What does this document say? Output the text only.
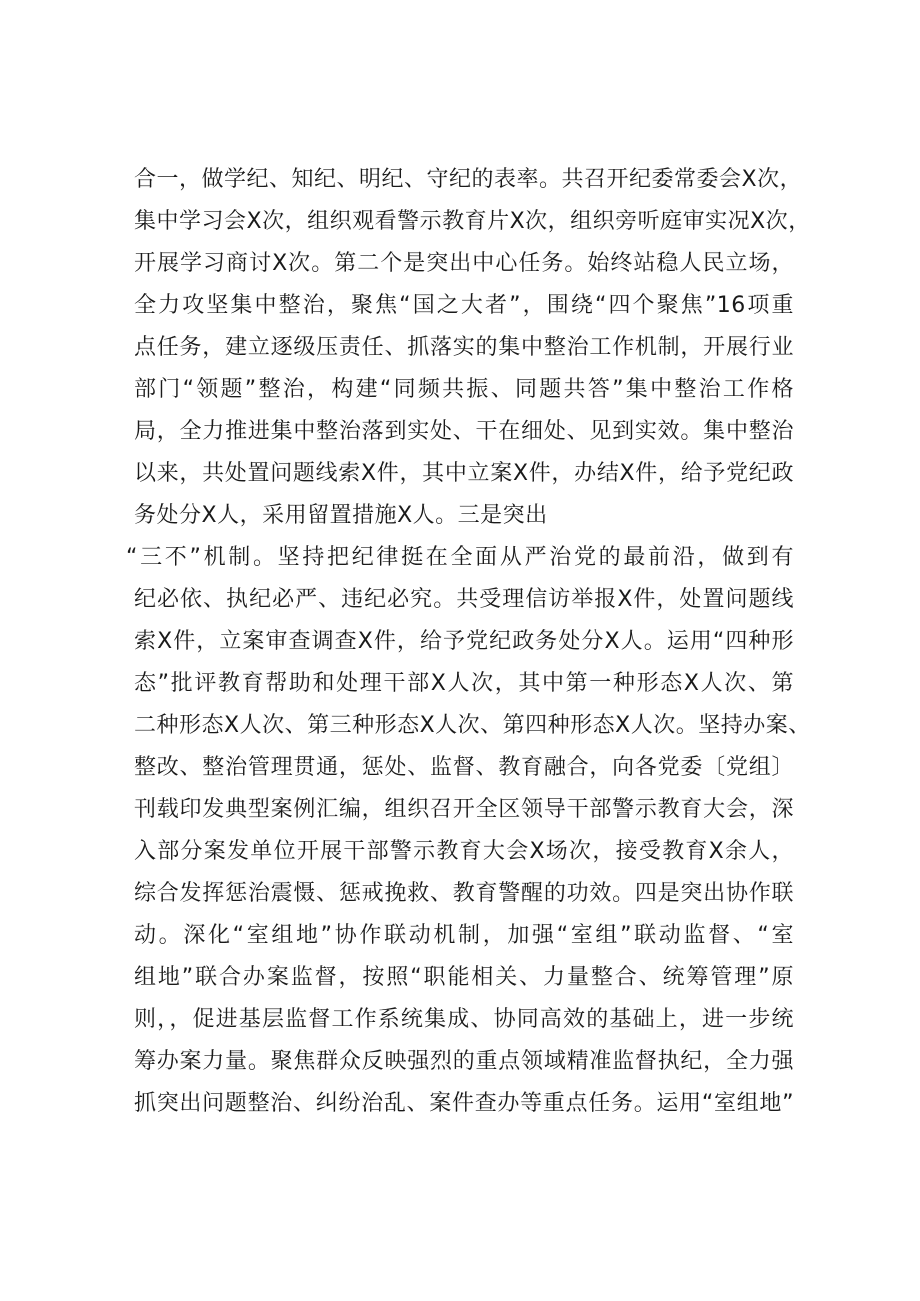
合一，做学纪、知纪、明纪、守纪的表率。共召开纪委常委会X次，
集中学习会X次，组织观看警示教育片X次，组织旁听庭审实况X次，
开展学习商讨X次。第二个是突出中心任务。始终站稳人民立场，
全力攻坚集中整治，聚焦“国之大者”，围绕“四个聚焦”16项重
点任务，建立逐级压责任、抓落实的集中整治工作机制，开展行业
部门“领题”整治，构建“同频共振、同题共答”集中整治工作格
局，全力推进集中整治落到实处、干在细处、见到实效。集中整治
以来，共处置问题线索X件，其中立案X件，办结X件，给予党纪政
务处分X人，采用留置措施X人。三是突出
“三不”机制。坚持把纪律挺在全面从严治党的最前沿，做到有
纪必依、执纪必严、违纪必究。共受理信访举报X件，处置问题线
索X件，立案审查调查X件，给予党纪政务处分X人。运用“四种形
态”批评教育帮助和处理干部X人次，其中第一种形态X人次、第
二种形态X人次、第三种形态X人次、第四种形态X人次。坚持办案、
整改、整治管理贯通，惩处、监督、教育融合，向各党委〔党组〕
刊载印发典型案例汇编，组织召开全区领导干部警示教育大会，深
入部分案发单位开展干部警示教育大会X场次，接受教育X余人，
综合发挥惩治震慑、惩戒挽救、教育警醒的功效。四是突出协作联
动。深化“室组地”协作联动机制，加强“室组”联动监督、“室
组地”联合办案监督，按照“职能相关、力量整合、统筹管理”原
则，，促进基层监督工作系统集成、协同高效的基础上，进一步统
筹办案力量。聚焦群众反映强烈的重点领域精准监督执纪，全力强
抓突出问题整治、纠纷治乱、案件查办等重点任务。运用“室组地”
